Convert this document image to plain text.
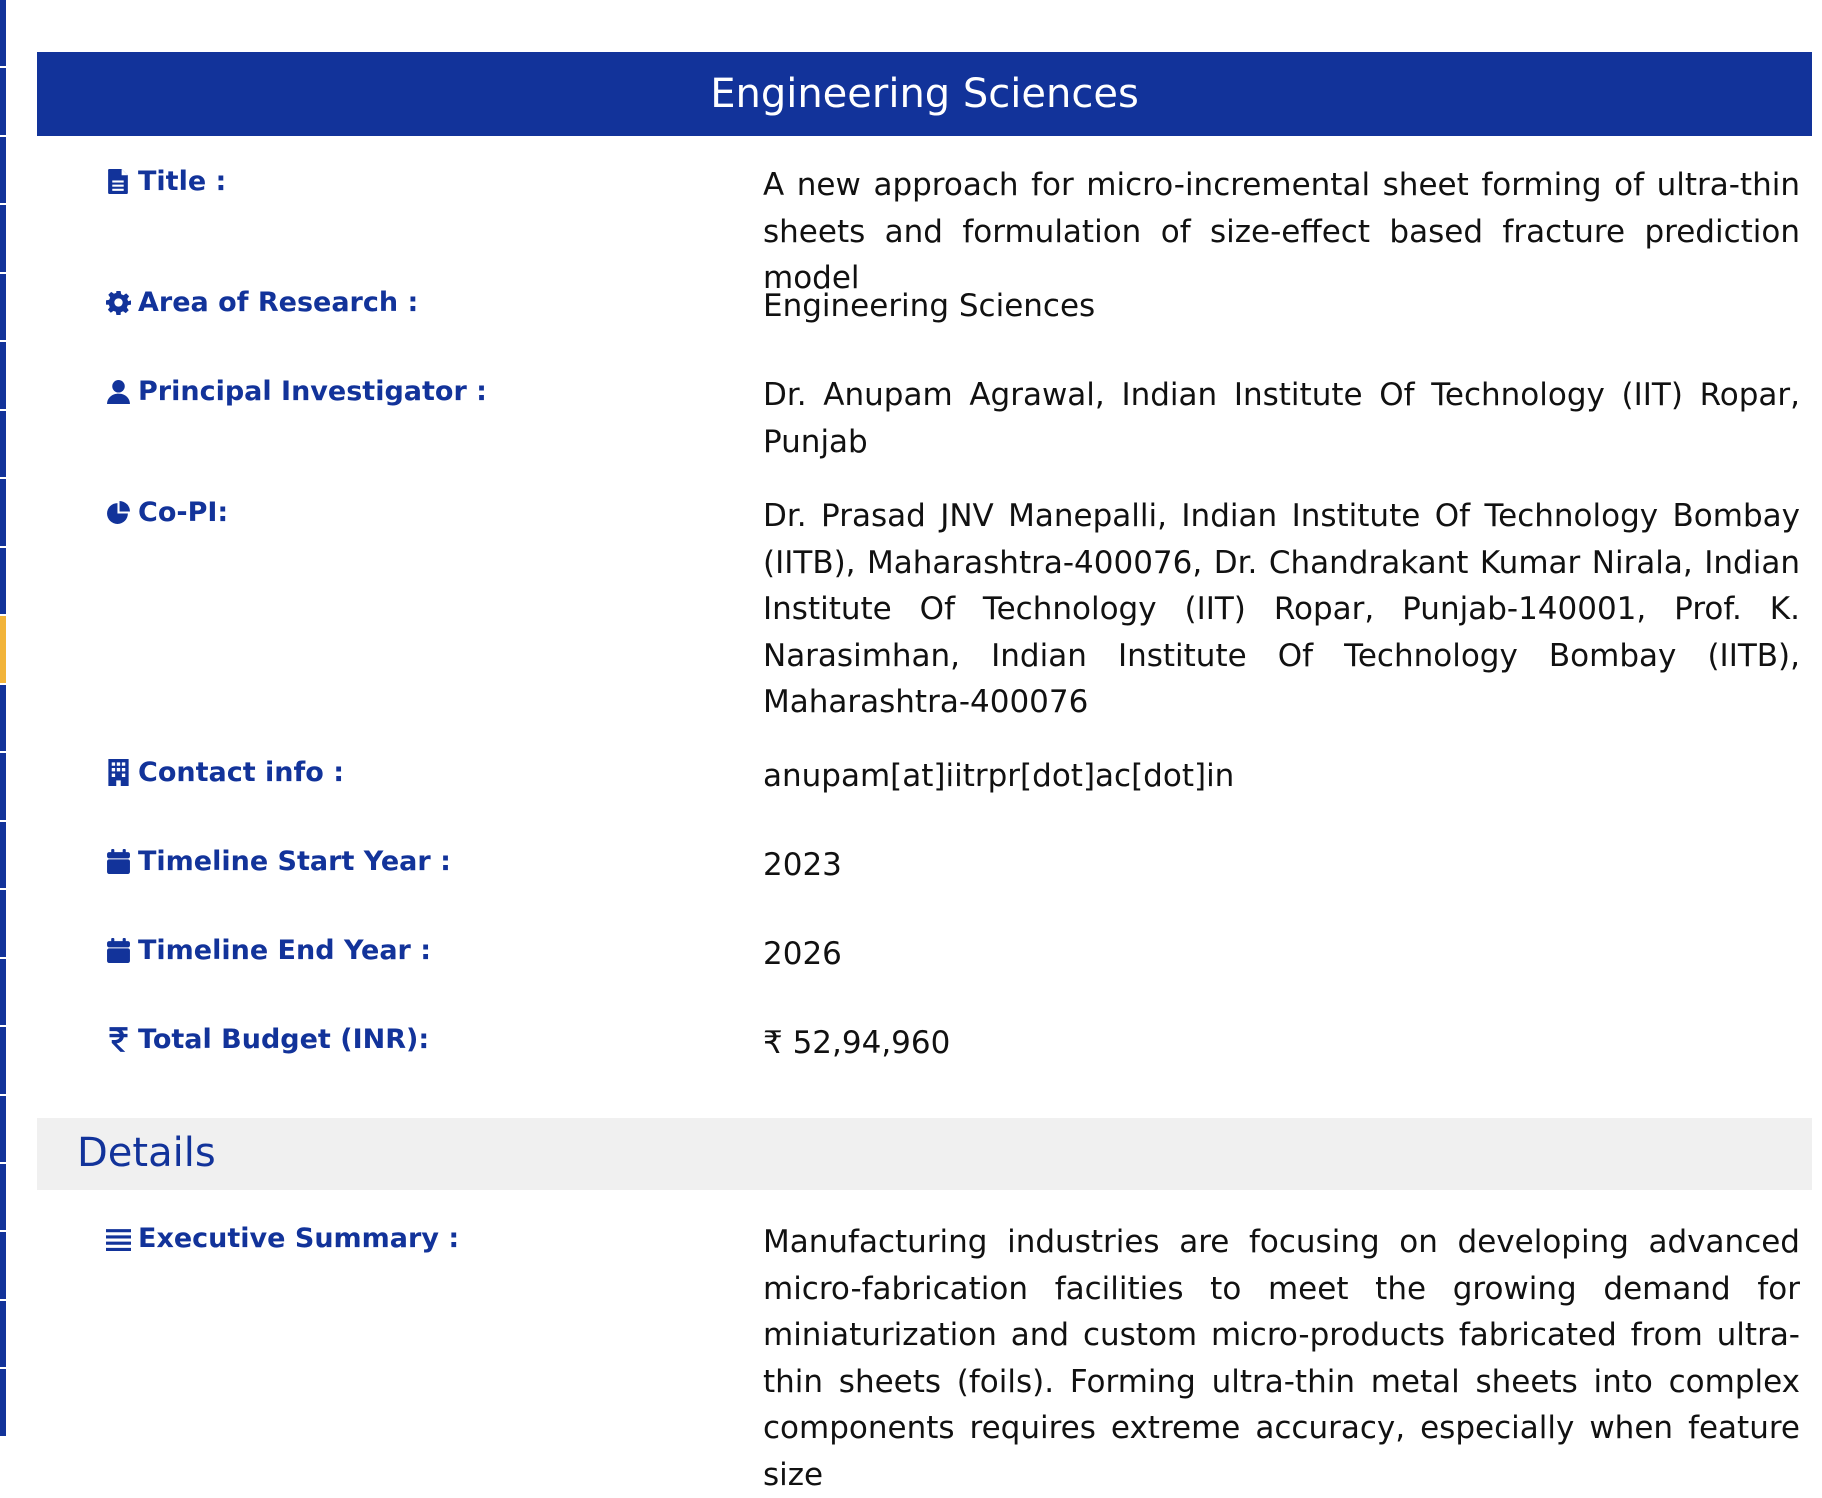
Engineering Sciences
Title :	A new approach for micro-incremental sheet forming of ultra-thin sheets and formulation of size-effect based fracture prediction model
Area of Research :	Engineering Sciences
Principal Investigator :	Dr. Anupam Agrawal, Indian Institute Of Technology (IIT) Ropar, Punjab
Co-PI:	Dr. Prasad JNV Manepalli, Indian Institute Of Technology Bombay (IITB), Maharashtra-400076, Dr. Chandrakant Kumar Nirala, Indian Institute Of Technology (IIT) Ropar, Punjab-140001, Prof. K. Narasimhan, Indian Institute Of Technology Bombay (IITB), Maharashtra-400076
Contact info :	anupam[at]iitrpr[dot]ac[dot]in
Timeline Start Year :	2023
Timeline End Year :	2026
Total Budget (INR):	₹ 52,94,960
Details
Executive Summary :	Manufacturing industries are focusing on developing advanced micro-fabrication facilities to meet the growing demand for miniaturization and custom micro-products fabricated from ultra-thin sheets (foils). Forming ultra-thin metal sheets into complex components requires extreme accuracy, especially when feature size
